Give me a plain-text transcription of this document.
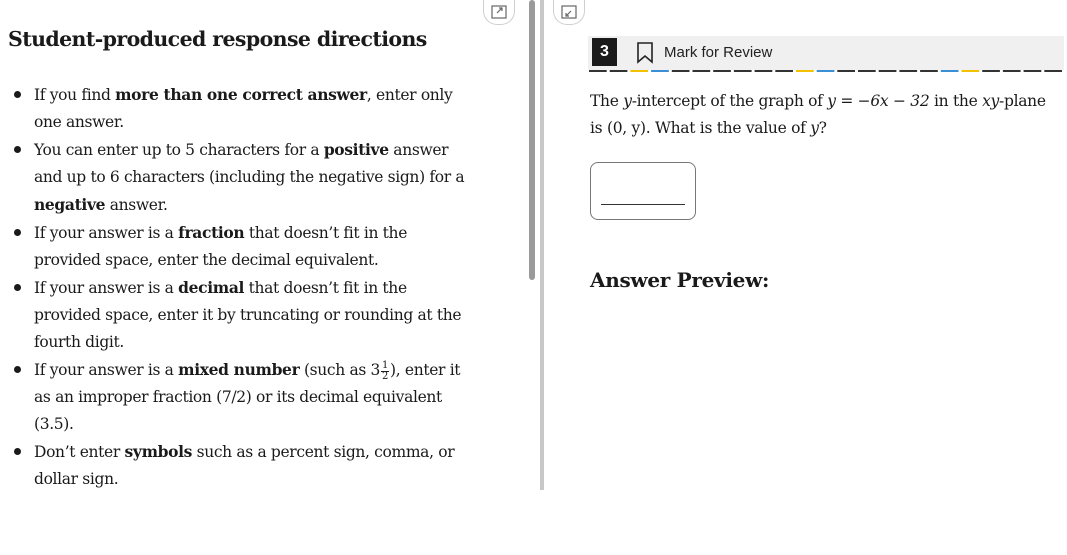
Student-produced response directions
If you find more than one correct answer, enter only one answer.
You can enter up to 5 characters for a positive answer and up to 6 characters (including the negative sign) for a negative answer.
If your answer is a fraction that doesn’t fit in the provided space, enter the decimal equivalent.
If your answer is a decimal that doesn’t fit in the provided space, enter it by truncating or rounding at the fourth digit.
If your answer is a mixed number (such as $3 \frac{1}{2}$ ), enter it as an improper fraction (7/2) or its decimal equivalent (3.5).
Don’t enter symbols such as a percent sign, comma, or dollar sign.
3	Mark for Review
The y-intercept of the graph of y = −6x − 32 in the xy-plane is (0, y). What is the value of y?
Answer Preview:
